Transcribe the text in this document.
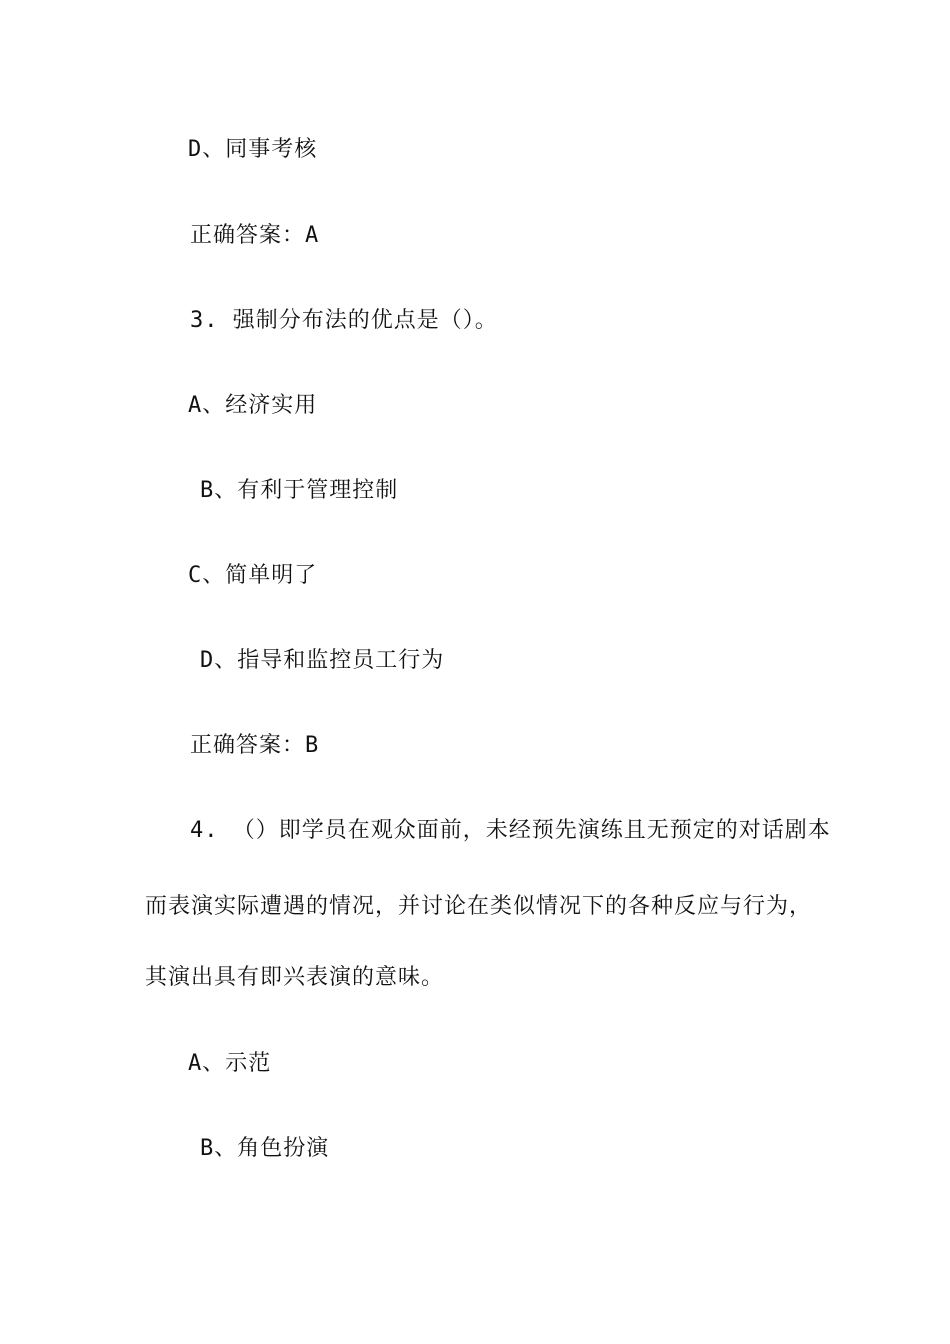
D、同事考核
正确答案：A
3. 强制分布法的优点是（）。
A、经济实用
B、有利于管理控制
C、简单明了
D、指导和监控员工行为
正确答案：B
4. （）即学员在观众面前，未经预先演练且无预定的对话剧本
而表演实际遭遇的情况，并讨论在类似情况下的各种反应与行为，
其演出具有即兴表演的意味。
A、示范
B、角色扮演
